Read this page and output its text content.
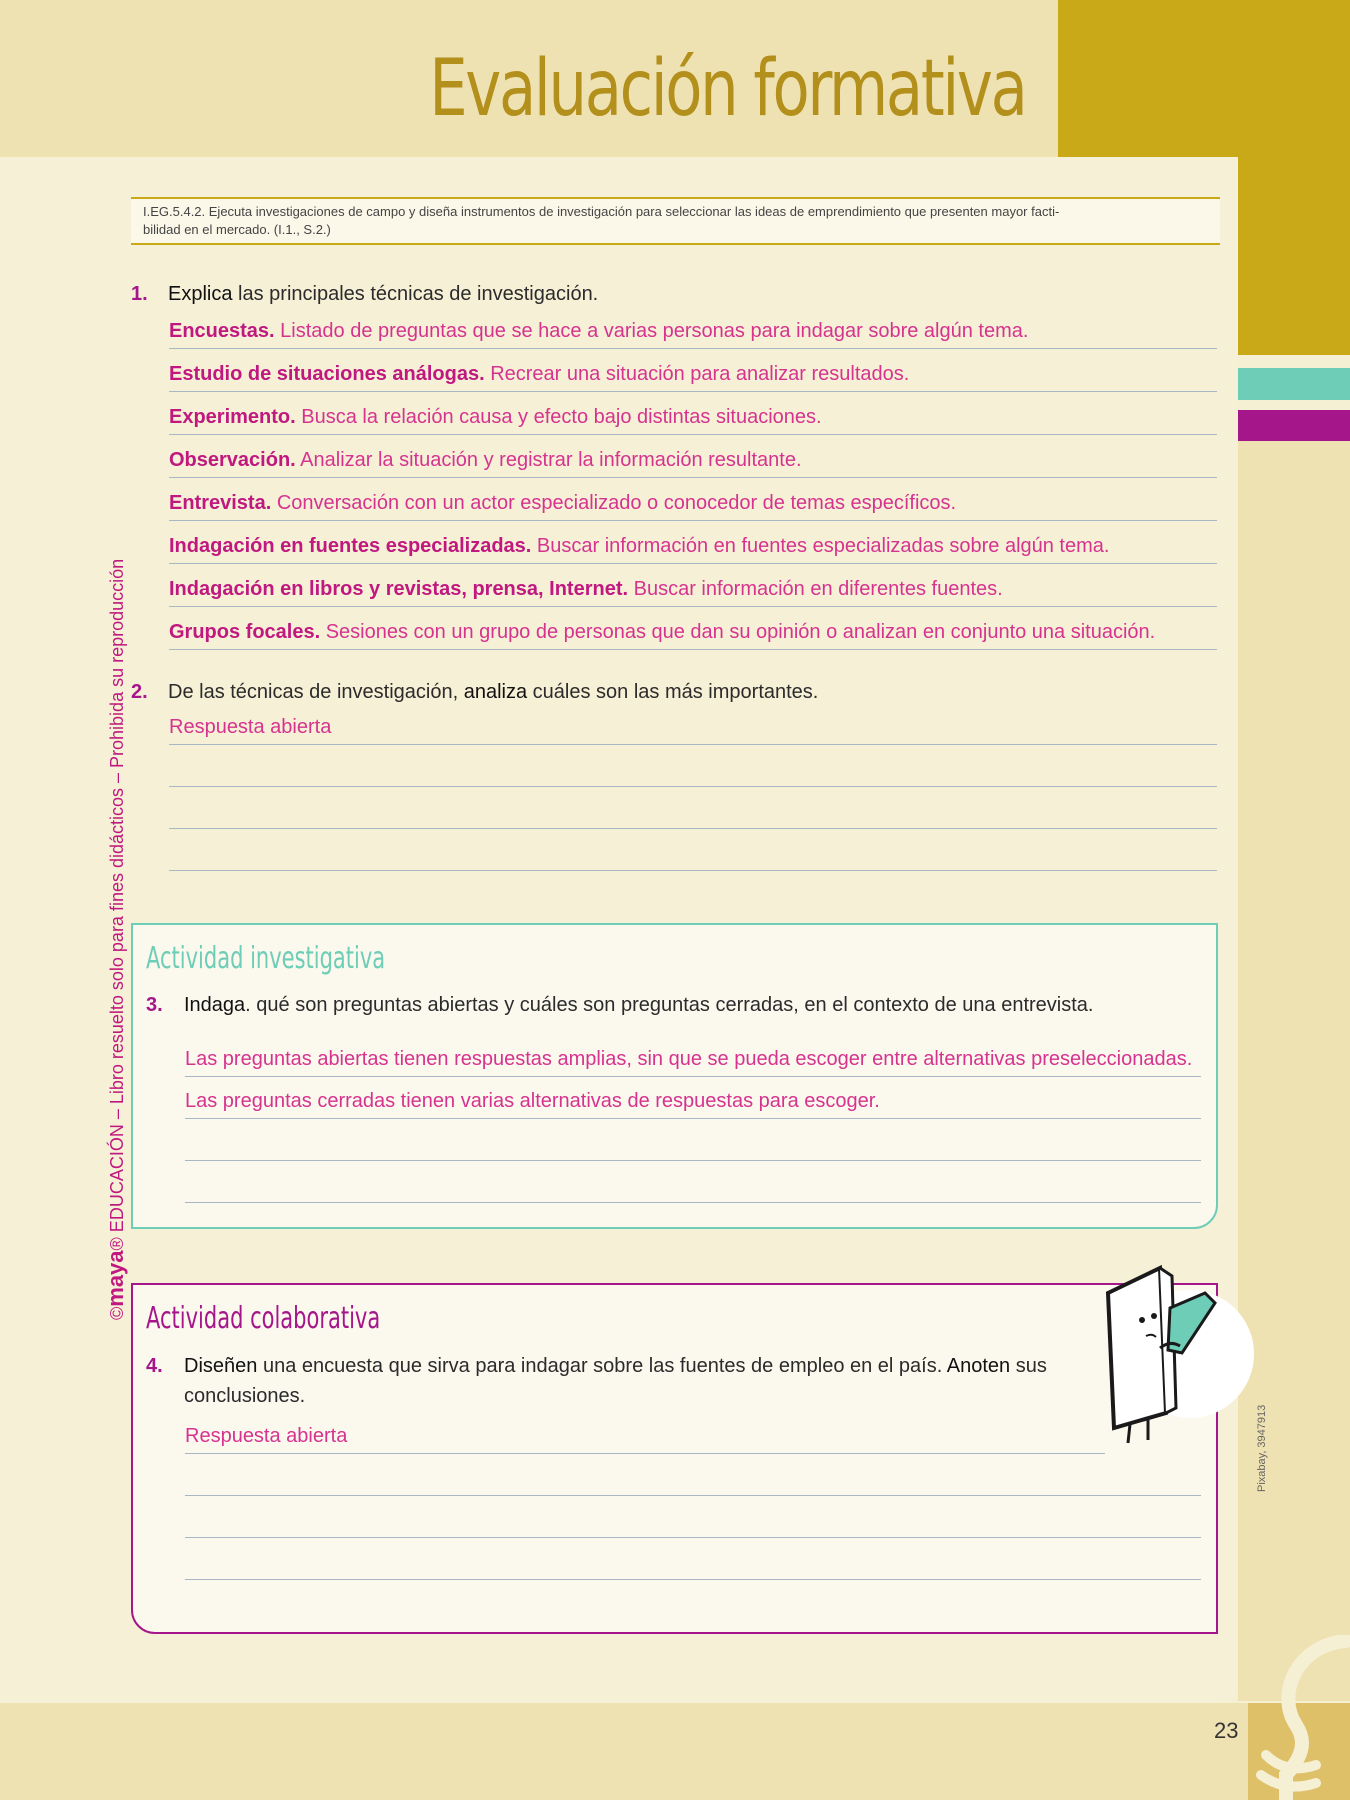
Evaluación formativa
I.EG.5.4.2. Ejecuta investigaciones de campo y diseña instrumentos de investigación para seleccionar las ideas de emprendimiento que presenten mayor facti-
bilidad en el mercado. (I.1., S.2.)
©maya® EDUCACIÓN – Libro resuelto solo para fines didácticos – Prohibida su reproducción
1. Explica las principales técnicas de investigación.
Encuestas. Listado de preguntas que se hace a varias personas para indagar sobre algún tema.
Estudio de situaciones análogas. Recrear una situación para analizar resultados.
Experimento. Busca la relación causa y efecto bajo distintas situaciones.
Observación. Analizar la situación y registrar la información resultante.
Entrevista. Conversación con un actor especializado o conocedor de temas específicos.
Indagación en fuentes especializadas. Buscar información en fuentes especializadas sobre algún tema.
Indagación en libros y revistas, prensa, Internet. Buscar información en diferentes fuentes.
Grupos focales. Sesiones con un grupo de personas que dan su opinión o analizan en conjunto una situación.
2. De las técnicas de investigación, analiza cuáles son las más importantes.
Respuesta abierta
Actividad investigativa
3. Indaga. qué son preguntas abiertas y cuáles son preguntas cerradas, en el contexto de una entrevista.
Las preguntas abiertas tienen respuestas amplias, sin que se pueda escoger entre alternativas preseleccionadas.
Las preguntas cerradas tienen varias alternativas de respuestas para escoger.
Actividad colaborativa
4. Diseñen una encuesta que sirva para indagar sobre las fuentes de empleo en el país. Anoten sus
conclusiones.
Respuesta abierta	Pixabay, 3947913
23
